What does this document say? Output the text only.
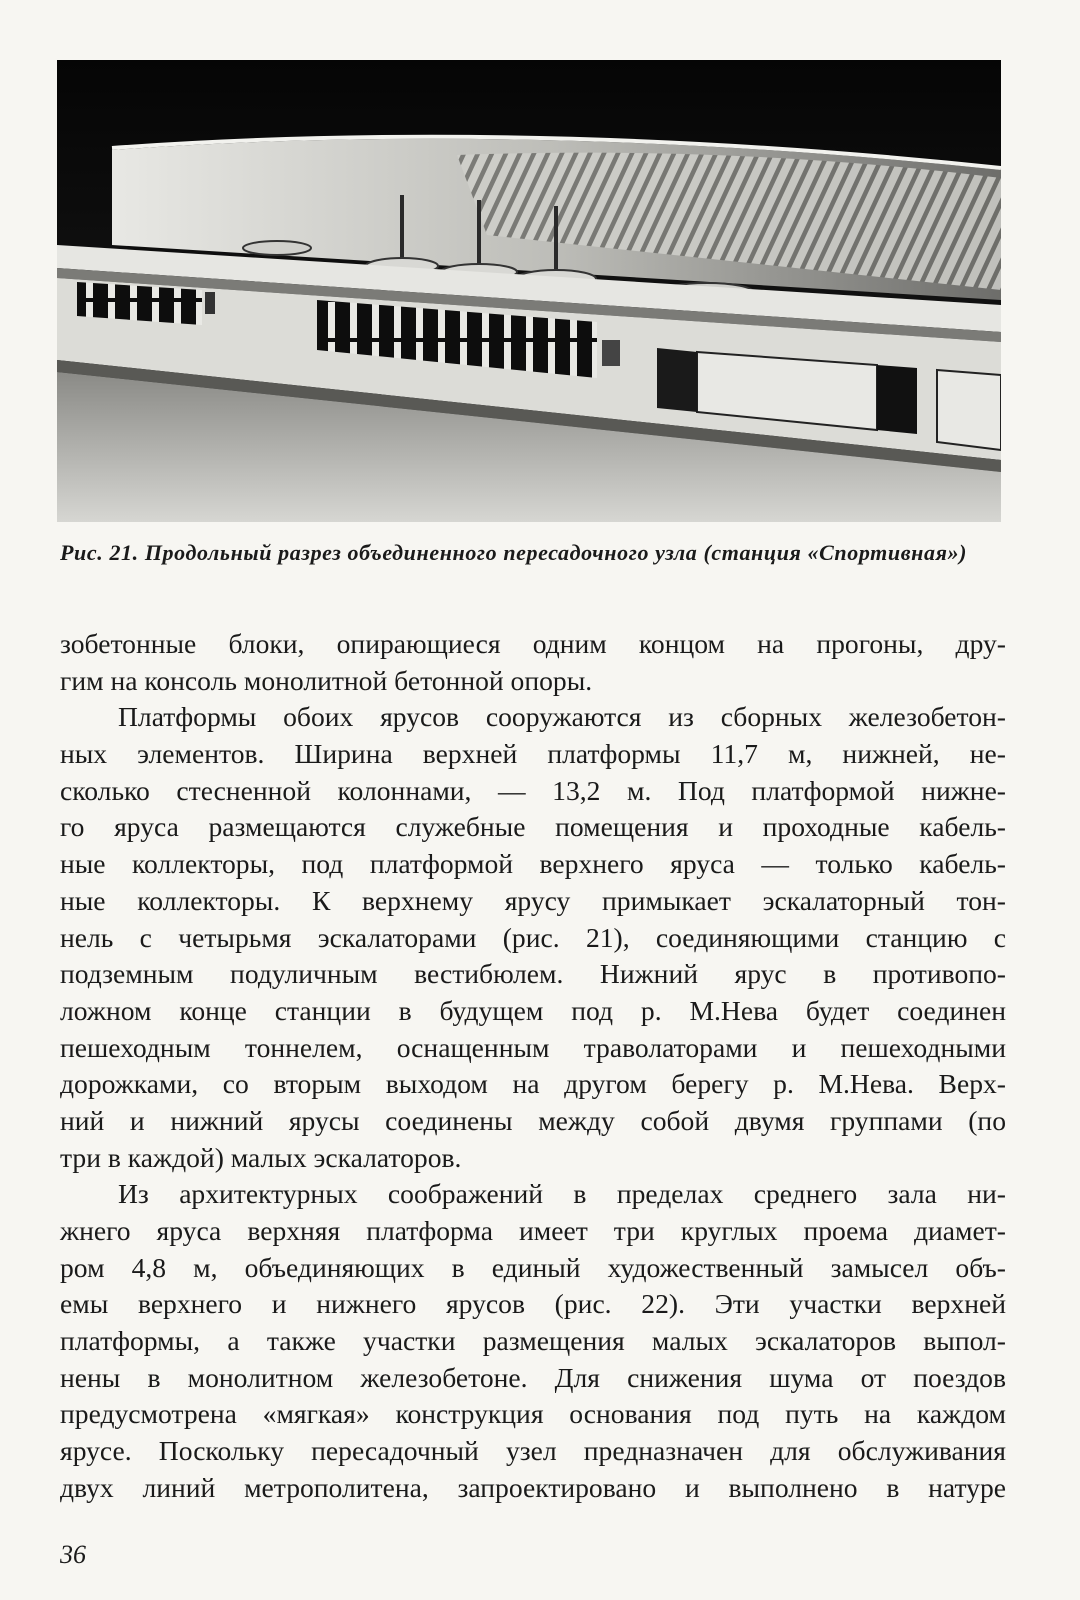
Рис. 21. Продольный разрез объединенного пересадочного узла (станция «Спортивная»)
зобетонные блоки, опирающиеся одним концом на прогоны, дру-
гим на консоль монолитной бетонной опоры.
Платформы обоих ярусов сооружаются из сборных железобетон-
ных элементов. Ширина верхней платформы 11,7 м, нижней, не-
сколько стесненной колоннами, — 13,2 м. Под платформой нижне-
го яруса размещаются служебные помещения и проходные кабель-
ные коллекторы, под платформой верхнего яруса — только кабель-
ные коллекторы. К верхнему ярусу примыкает эскалаторный тон-
нель с четырьмя эскалаторами (рис. 21), соединяющими станцию с
подземным подуличным вестибюлем. Нижний ярус в противопо-
ложном конце станции в будущем под р. М.Нева будет соединен
пешеходным тоннелем, оснащенным траволаторами и пешеходными
дорожками, со вторым выходом на другом берегу р. М.Нева. Верх-
ний и нижний ярусы соединены между собой двумя группами (по
три в каждой) малых эскалаторов.
Из архитектурных соображений в пределах среднего зала ни-
жнего яруса верхняя платформа имеет три круглых проема диамет-
ром 4,8 м, объединяющих в единый художественный замысел объ-
емы верхнего и нижнего ярусов (рис. 22). Эти участки верхней
платформы, а также участки размещения малых эскалаторов выпол-
нены в монолитном железобетоне. Для снижения шума от поездов
предусмотрена «мягкая» конструкция основания под путь на каждом
ярусе. Поскольку пересадочный узел предназначен для обслуживания
двух линий метрополитена, запроектировано и выполнено в натуре
36
